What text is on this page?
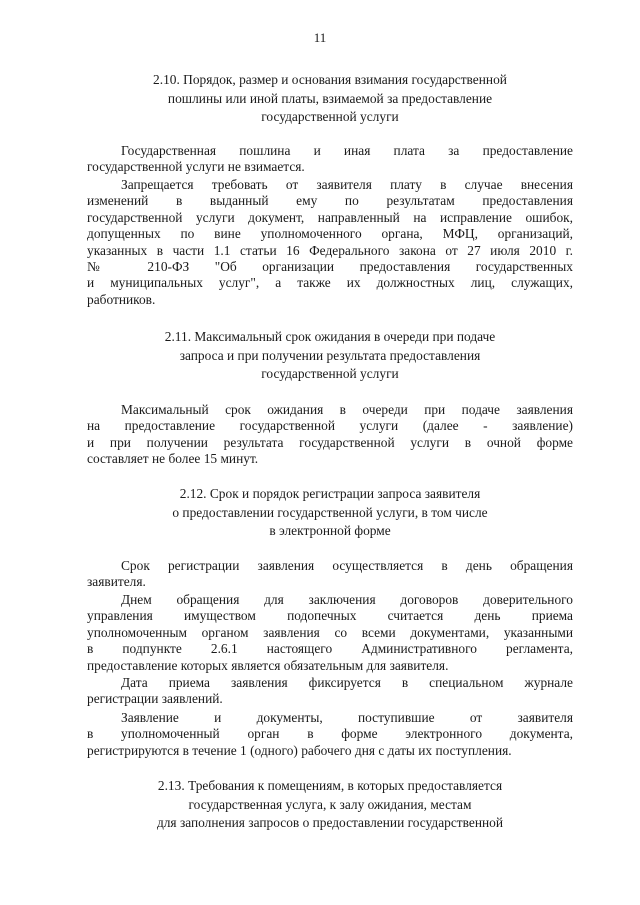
11
2.10. Порядок, размер и основания взимания государственной
пошлины или иной платы, взимаемой за предоставление
государственной услуги
Государственная пошлина и иная плата за предоставление
государственной услуги не взимается.
Запрещается требовать от заявителя плату в случае внесения
изменений в выданный ему по результатам предоставления
государственной услуги документ, направленный на исправление ошибок,
допущенных по вине уполномоченного органа, МФЦ, организаций,
указанных в части 1.1 статьи 16 Федерального закона от 27 июля 2010 г.
№ 210-ФЗ "Об организации предоставления государственных
и муниципальных услуг", а также их должностных лиц, служащих,
работников.
2.11. Максимальный срок ожидания в очереди при подаче
запроса и при получении результата предоставления
государственной услуги
Максимальный срок ожидания в очереди при подаче заявления
на предоставление государственной услуги (далее - заявление)
и при получении результата государственной услуги в очной форме
составляет не более 15 минут.
2.12. Срок и порядок регистрации запроса заявителя
о предоставлении государственной услуги, в том числе
в электронной форме
Срок регистрации заявления осуществляется в день обращения
заявителя.
Днем обращения для заключения договоров доверительного
управления имуществом подопечных считается день приема
уполномоченным органом заявления со всеми документами, указанными
в подпункте 2.6.1 настоящего Административного регламента,
предоставление которых является обязательным для заявителя.
Дата приема заявления фиксируется в специальном журнале
регистрации заявлений.
Заявление и документы, поступившие от заявителя
в уполномоченный орган в форме электронного документа,
регистрируются в течение 1 (одного) рабочего дня с даты их поступления.
2.13. Требования к помещениям, в которых предоставляется
государственная услуга, к залу ожидания, местам
для заполнения запросов о предоставлении государственной
